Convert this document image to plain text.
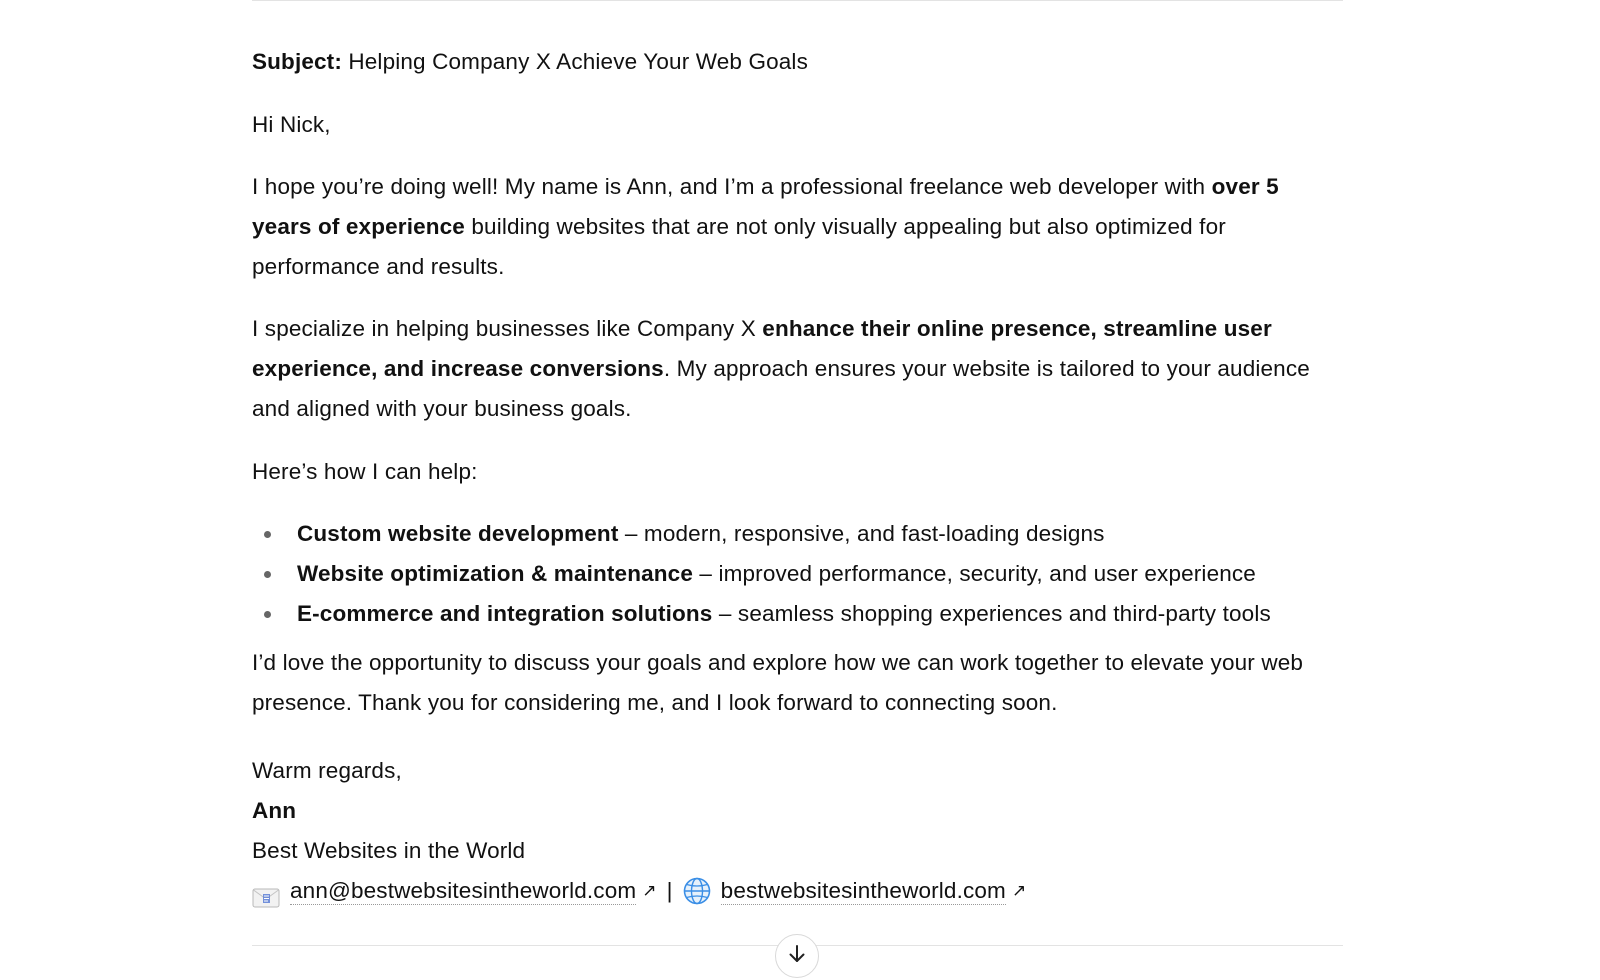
Subject: Helping Company X Achieve Your Web Goals

Hi Nick,

I hope you’re doing well! My name is Ann, and I’m a professional freelance web developer with over 5 years of experience building websites that are not only visually appealing but also optimized for performance and results.

I specialize in helping businesses like Company X enhance their online presence, streamline user experience, and increase conversions. My approach ensures your website is tailored to your audience and aligned with your business goals.

Here’s how I can help:

Custom website development – modern, responsive, and fast-loading designs
Website optimization & maintenance – improved performance, security, and user experience
E-commerce and integration solutions – seamless shopping experiences and third-party tools

I’d love the opportunity to discuss your goals and explore how we can work together to elevate your web presence. Thank you for considering me, and I look forward to connecting soon.

Warm regards,

Ann

Best Websites in the World

ann@bestwebsitesintheworld.com ↗ | bestwebsitesintheworld.com ↗
